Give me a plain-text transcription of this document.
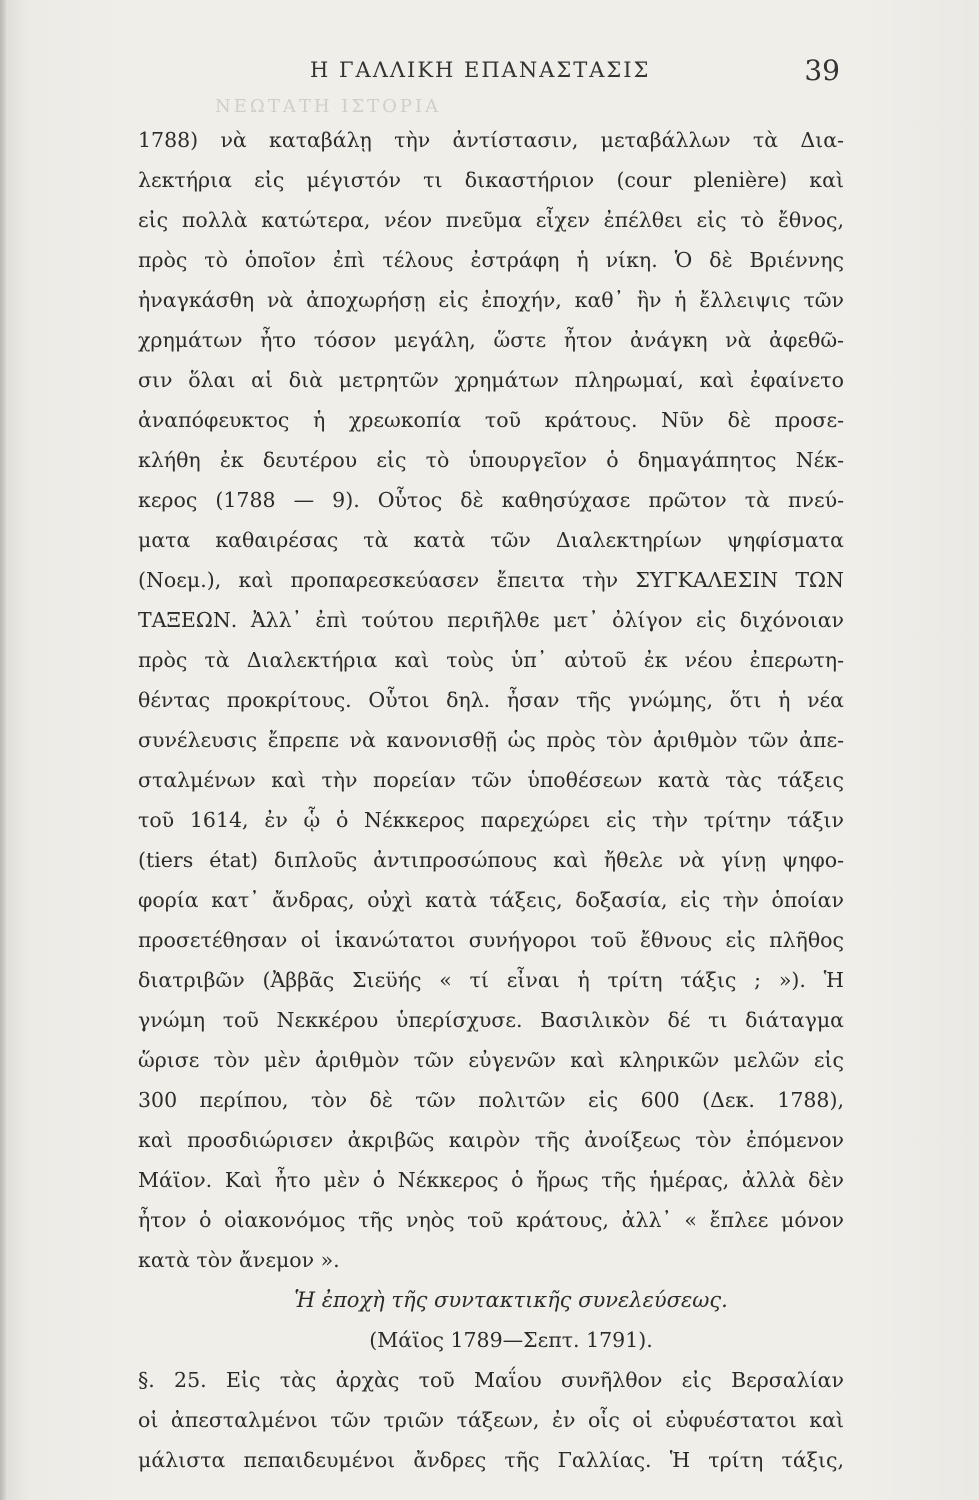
Η ΓΑΛΛΙΚΗ ΕΠΑΝΑΣΤΑΣΙΣ	39
ΝΕΩΤΑΤΗ ΙΣΤΟΡΙΑ
1788) νὰ καταβάλῃ τὴν ἀντίστασιν, μεταβάλλων τὰ Δια-
λεκτήρια εἰς μέγιστόν τι δικαστήριον (cour plenière) καὶ
εἰς πολλὰ κατώτερα, νέον πνεῦμα εἶχεν ἐπέλθει εἰς τὸ ἔθνος,
πρὸς τὸ ὁποῖον ἐπὶ τέλους ἐστράφη ἡ νίκη. Ὁ δὲ Βριέννης
ἠναγκάσθη νὰ ἀποχωρήσῃ εἰς ἐποχήν, καθ᾽ ἣν ἡ ἔλλειψις τῶν
χρημάτων ἦτο τόσον μεγάλη, ὥστε ἦτον ἀνάγκη νὰ ἀφεθῶ-
σιν ὅλαι αἱ διὰ μετρητῶν χρημάτων πληρωμαί, καὶ ἐφαίνετο
ἀναπόφευκτος ἡ χρεωκοπία τοῦ κράτους. Νῦν δὲ προσε-
κλήθη ἐκ δευτέρου εἰς τὸ ὑπουργεῖον ὁ δημαγάπητος Νέκ-
κερος (1788 — 9). Οὗτος δὲ καθησύχασε πρῶτον τὰ πνεύ-
ματα καθαιρέσας τὰ κατὰ τῶν Διαλεκτηρίων ψηφίσματα
(Νοεμ.), καὶ προπαρεσκεύασεν ἔπειτα τὴν ΣΥΓΚΑΛΕΣΙΝ ΤΩΝ
ΤΑΞΕΩΝ. Ἀλλ᾽ ἐπὶ τούτου περιῆλθε μετ᾽ ὀλίγον εἰς διχόνοιαν
πρὸς τὰ Διαλεκτήρια καὶ τοὺς ὑπ᾽ αὐτοῦ ἐκ νέου ἐπερωτη-
θέντας προκρίτους. Οὗτοι δηλ. ἦσαν τῆς γνώμης, ὅτι ἡ νέα
συνέλευσις ἔπρεπε νὰ κανονισθῇ ὡς πρὸς τὸν ἀριθμὸν τῶν ἀπε-
σταλμένων καὶ τὴν πορείαν τῶν ὑποθέσεων κατὰ τὰς τάξεις
τοῦ 1614, ἐν ᾧ ὁ Νέκκερος παρεχώρει εἰς τὴν τρίτην τάξιν
(tiers état) διπλοῦς ἀντιπροσώπους καὶ ἤθελε νὰ γίνῃ ψηφο-
φορία κατ᾽ ἄνδρας, οὐχὶ κατὰ τάξεις, δοξασία, εἰς τὴν ὁποίαν
προσετέθησαν οἱ ἱκανώτατοι συνήγοροι τοῦ ἔθνους εἰς πλῆθος
διατριβῶν (Ἀββᾶς Σιεϋής « τί εἶναι ἡ τρίτη τάξις ; »). Ἡ
γνώμη τοῦ Νεκκέρου ὑπερίσχυσε. Βασιλικὸν δέ τι διάταγμα
ὥρισε τὸν μὲν ἀριθμὸν τῶν εὐγενῶν καὶ κληρικῶν μελῶν εἰς
300 περίπου, τὸν δὲ τῶν πολιτῶν εἰς 600 (Δεκ. 1788),
καὶ προσδιώρισεν ἀκριβῶς καιρὸν τῆς ἀνοίξεως τὸν ἐπόμενον
Μάϊον. Καὶ ἦτο μὲν ὁ Νέκκερος ὁ ἥρως τῆς ἡμέρας, ἀλλὰ δὲν
ἦτον ὁ οἰακονόμος τῆς νηὸς τοῦ κράτους, ἀλλ᾽ « ἔπλεε μόνον
κατὰ τὸν ἄνεμον ».
Ἡ ἐποχὴ τῆς συντακτικῆς συνελεύσεως.
(Μάϊος 1789—Σεπτ. 1791).
§. 25. Εἰς τὰς ἀρχὰς τοῦ Μαΐου συνῆλθον εἰς Βερσαλίαν
οἱ ἀπεσταλμένοι τῶν τριῶν τάξεων, ἐν οἷς οἱ εὐφυέστατοι καὶ
μάλιστα πεπαιδευμένοι ἄνδρες τῆς Γαλλίας. Ἡ τρίτη τάξις,
